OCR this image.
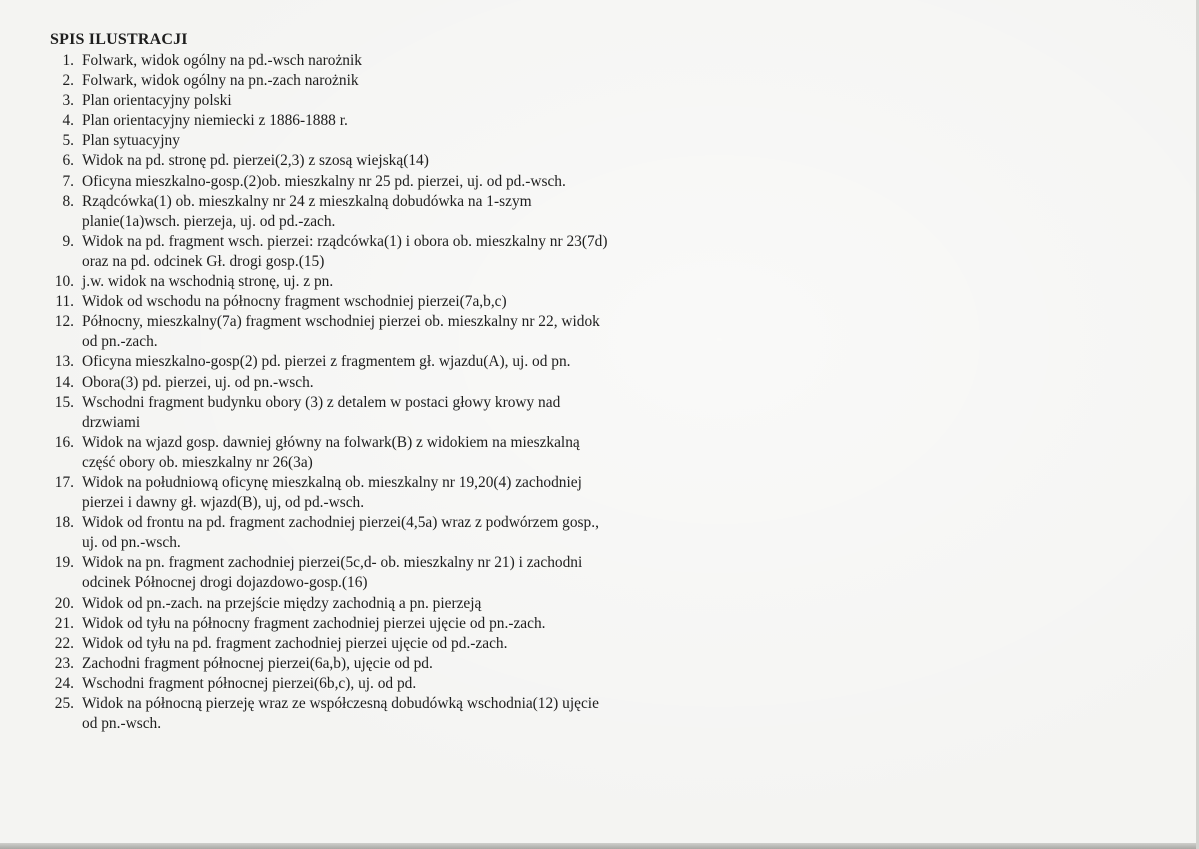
SPIS ILUSTRACJI
1. Folwark, widok ogólny na pd.-wsch narożnik
2. Folwark, widok ogólny na pn.-zach narożnik
3. Plan orientacyjny polski
4. Plan orientacyjny niemiecki z 1886-1888 r.
5. Plan sytuacyjny
6. Widok na pd. stronę pd. pierzei(2,3) z szosą wiejską(14)
7. Oficyna mieszkalno-gosp.(2)ob. mieszkalny nr 25 pd. pierzei, uj. od pd.-wsch.
8. Rządcówka(1) ob. mieszkalny nr 24 z mieszkalną dobudówka na 1-szym planie(1a)wsch. pierzeja, uj. od pd.-zach.
9. Widok na pd. fragment wsch. pierzei: rządcówka(1) i obora ob. mieszkalny nr 23(7d) oraz na pd. odcinek Gł. drogi gosp.(15)
10. j.w. widok na wschodnią stronę, uj. z pn.
11. Widok od wschodu na północny fragment wschodniej pierzei(7a,b,c)
12. Północny, mieszkalny(7a) fragment wschodniej pierzei ob. mieszkalny nr 22, widok od pn.-zach.
13. Oficyna mieszkalno-gosp(2) pd. pierzei z fragmentem gł. wjazdu(A), uj. od pn.
14. Obora(3) pd. pierzei, uj. od pn.-wsch.
15. Wschodni fragment budynku obory (3) z detalem w postaci głowy krowy nad drzwiami
16. Widok na wjazd gosp. dawniej główny na folwark(B) z widokiem na mieszkalną część obory ob. mieszkalny nr 26(3a)
17. Widok na południową oficynę mieszkalną ob. mieszkalny nr 19,20(4) zachodniej pierzei i dawny gł. wjazd(B), uj, od pd.-wsch.
18. Widok od frontu na pd. fragment zachodniej pierzei(4,5a) wraz z podwórzem gosp., uj. od pn.-wsch.
19. Widok na pn. fragment zachodniej pierzei(5c,d- ob. mieszkalny nr 21) i zachodni odcinek Północnej drogi dojazdowo-gosp.(16)
20. Widok od pn.-zach. na przejście między zachodnią a pn. pierzeją
21. Widok od tyłu na północny fragment zachodniej pierzei ujęcie od pn.-zach.
22. Widok od tyłu na pd. fragment zachodniej pierzei ujęcie od pd.-zach.
23. Zachodni fragment północnej pierzei(6a,b), ujęcie od pd.
24. Wschodni fragment północnej pierzei(6b,c), uj. od pd.
25. Widok na północną pierzeję wraz ze współczesną dobudówką wschodnia(12) ujęcie od pn.-wsch.
